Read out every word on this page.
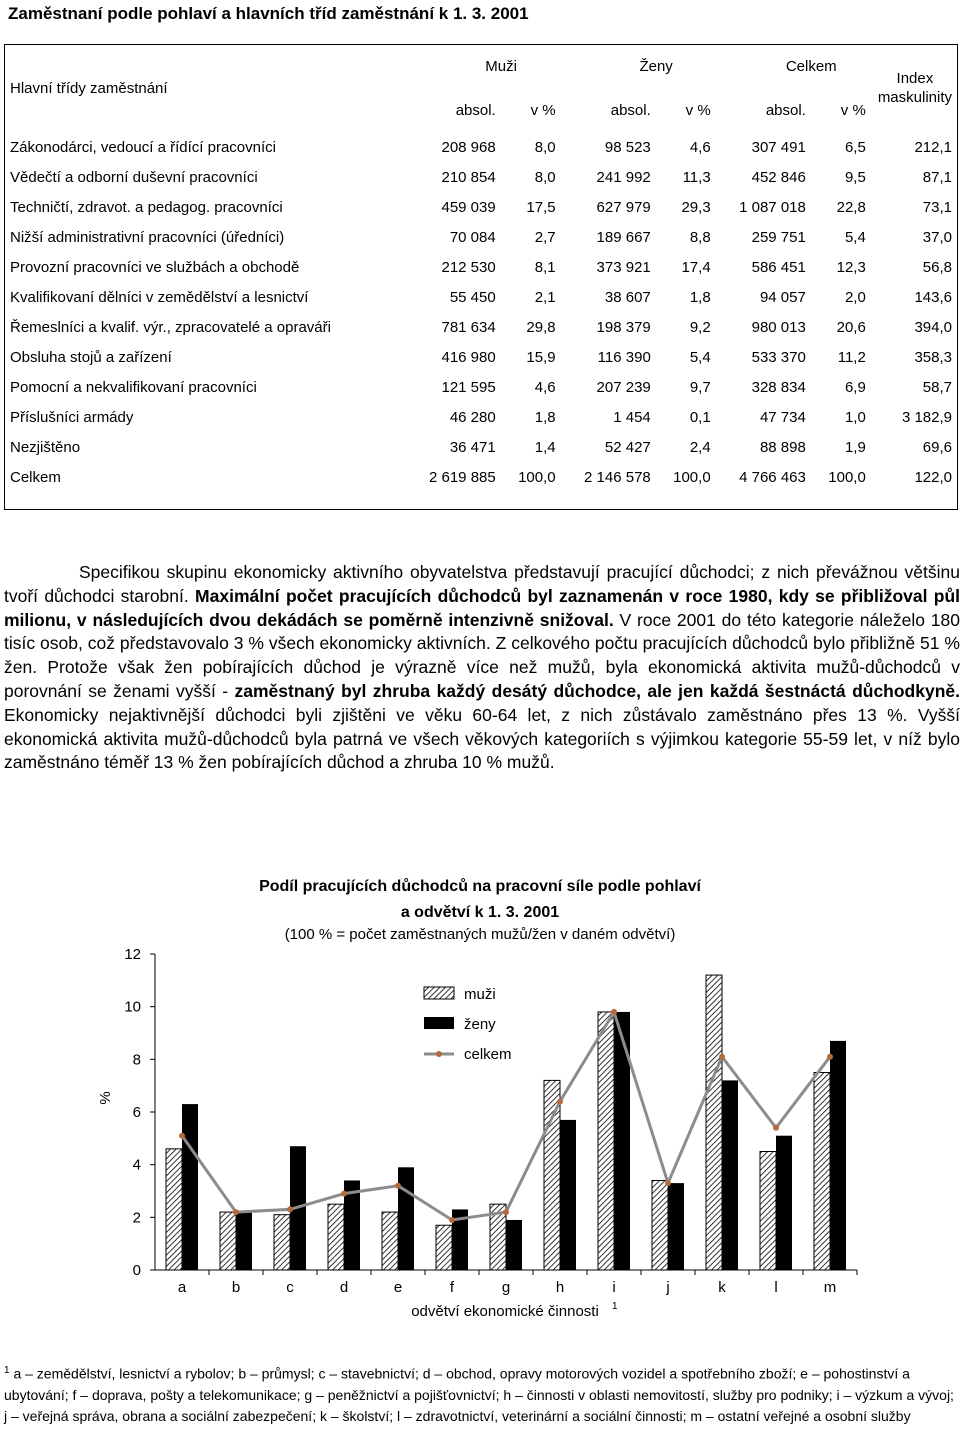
Zaměstnaní podle pohlaví a hlavních tříd zaměstnání k 1. 3. 2001
Hlavní třídy zaměstnání	Muži		Ženy		Celkem		Index maskulinity
	absol.	v %	absol.	v %	absol.	v %	
Zákonodárci, vedoucí a řídící pracovníci	208 968	8,0	98 523	4,6	307 491	6,5	212,1
Vědečtí a odborní duševní pracovníci	210 854	8,0	241 992	11,3	452 846	9,5	87,1
Techničtí, zdravot. a pedagog. pracovníci	459 039	17,5	627 979	29,3	1 087 018	22,8	73,1
Nižší administrativní pracovníci (úředníci)	70 084	2,7	189 667	8,8	259 751	5,4	37,0
Provozní pracovníci ve službách a obchodě	212 530	8,1	373 921	17,4	586 451	12,3	56,8
Kvalifikovaní dělníci v zemědělství a lesnictví	55 450	2,1	38 607	1,8	94 057	2,0	143,6
Řemeslníci a kvalif. výr., zpracovatelé a opraváři	781 634	29,8	198 379	9,2	980 013	20,6	394,0
Obsluha stojů a zařízení	416 980	15,9	116 390	5,4	533 370	11,2	358,3
Pomocní a nekvalifikovaní pracovníci	121 595	4,6	207 239	9,7	328 834	6,9	58,7
Příslušníci armády	46 280	1,8	1 454	0,1	47 734	1,0	3 182,9
Nezjištěno	36 471	1,4	52 427	2,4	88 898	1,9	69,6
Celkem	2 619 885	100,0	2 146 578	100,0	4 766 463	100,0	122,0
Specifikou skupinu ekonomicky aktivního obyvatelstva představují pracující důchodci; z nich převážnou většinu tvoří důchodci starobní. Maximální počet pracujících důchodců byl zaznamenán v roce 1980, kdy se přibližoval půl milionu, v následujících dvou dekádách se poměrně intenzivně snižoval. V roce 2001 do této kategorie náleželo 180 tisíc osob, což představovalo 3 % všech ekonomicky aktivních. Z celkového počtu pracujících důchodců bylo přibližně 51 % žen. Protože však žen pobírajících důchod je výrazně více než mužů, byla ekonomická aktivita mužů-důchodců v porovnání se ženami vyšší - zaměstnaný byl zhruba každý desátý důchodce, ale jen každá šestnáctá důchodkyně. Ekonomicky nejaktivnější důchodci byli zjištěni ve věku 60-64 let, z nich zůstávalo zaměstnáno přes 13 %. Vyšší ekonomická aktivita mužů-důchodců byla patrná ve všech věkových kategoriích s výjimkou kategorie 55-59 let, v níž bylo zaměstnáno téměř 13 % žen pobírajících důchod a zhruba 10 % mužů.
Podíl pracujících důchodců na pracovní síle podle pohlaví
a odvětví k 1. 3. 2001
(100 % = počet zaměstnaných mužů/žen v daném odvětví)
0
2
4
6
8
10
12
%
a	b	c	d	e	f	g	h	i	j	k	l	m
odvětví ekonomické činnosti 1
muži
ženy
celkem
$^1$ a – zemědělství, lesnictví a rybolov; b – průmysl; c – stavebnictví; d – obchod, opravy motorových vozidel a spotřebního zboží; e – pohostinství a ubytování; f – doprava, pošty a telekomunikace; g – peněžnictví a pojišťovnictví; h – činnosti v oblasti nemovitostí, služby pro podniky; i – výzkum a vývoj; j – veřejná správa, obrana a sociální zabezpečení; k – školství; l – zdravotnictví, veterinární a sociální činnosti; m – ostatní veřejné a osobní služby
